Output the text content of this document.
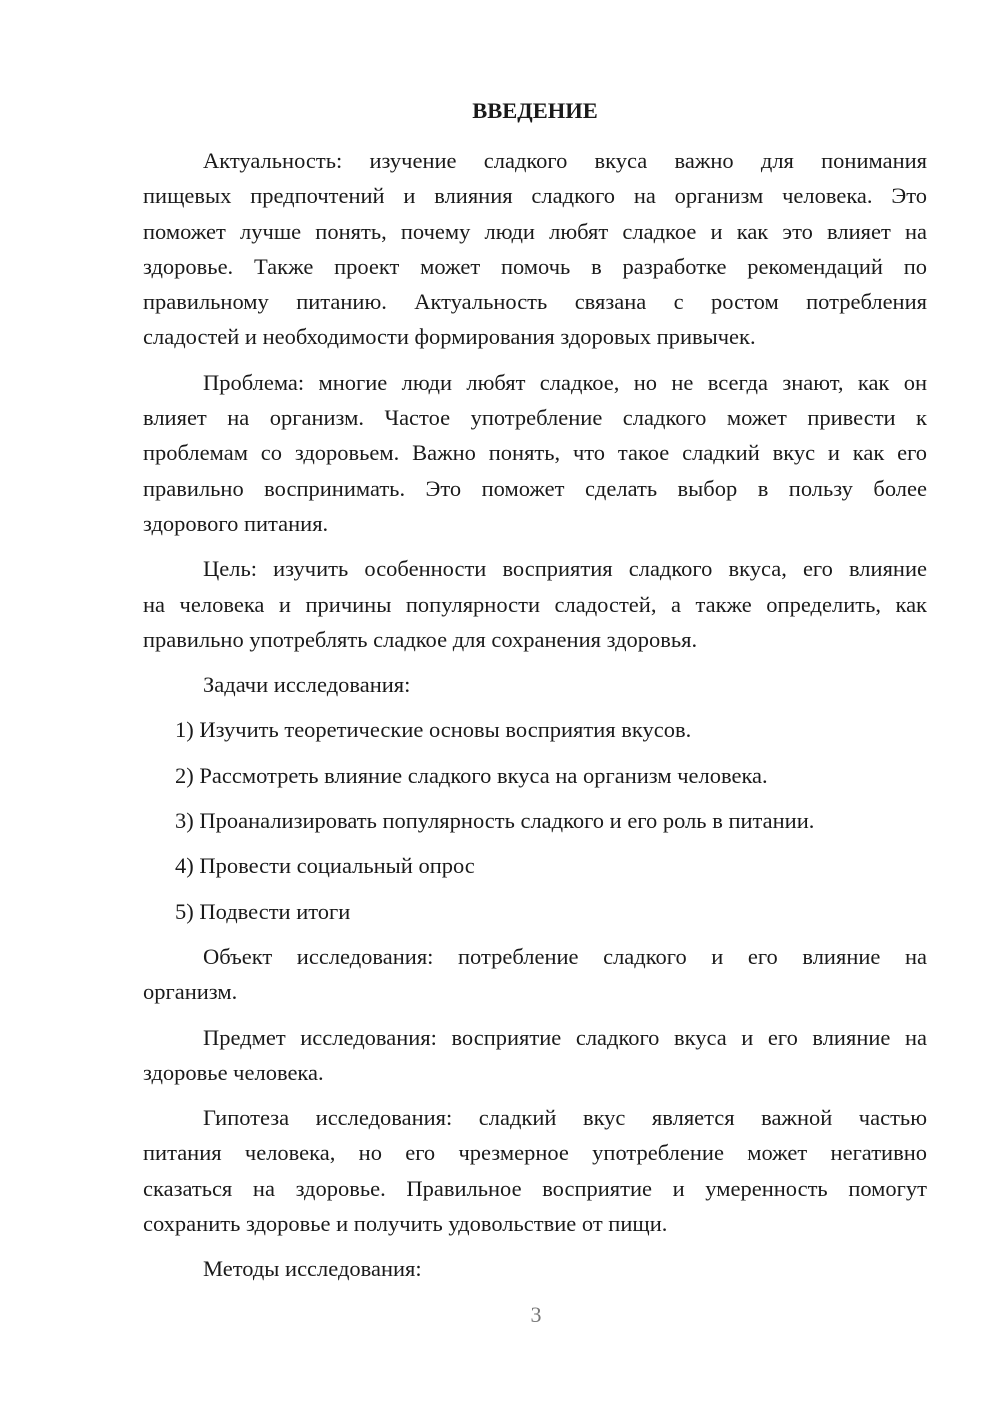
ВВЕДЕНИЕ
Актуальность: изучение сладкого вкуса важно для понимания
пищевых предпочтений и влияния сладкого на организм человека. Это
поможет лучше понять, почему люди любят сладкое и как это влияет на
здоровье. Также проект может помочь в разработке рекомендаций по
правильному питанию. Актуальность связана с ростом потребления
сладостей и необходимости формирования здоровых привычек.
Проблема: многие люди любят сладкое, но не всегда знают, как он
влияет на организм. Частое употребление сладкого может привести к
проблемам со здоровьем. Важно понять, что такое сладкий вкус и как его
правильно воспринимать. Это поможет сделать выбор в пользу более
здорового питания.
Цель: изучить особенности восприятия сладкого вкуса, его влияние
на человека и причины популярности сладостей, а также определить, как
правильно употреблять сладкое для сохранения здоровья.
Задачи исследования:
1) Изучить теоретические основы восприятия вкусов.
2) Рассмотреть влияние сладкого вкуса на организм человека.
3) Проанализировать популярность сладкого и его роль в питании.
4) Провести социальный опрос
5) Подвести итоги
Объект исследования: потребление сладкого и его влияние на
организм.
Предмет исследования: восприятие сладкого вкуса и его влияние на
здоровье человека.
Гипотеза исследования: сладкий вкус является важной частью
питания человека, но его чрезмерное употребление может негативно
сказаться на здоровье. Правильное восприятие и умеренность помогут
сохранить здоровье и получить удовольствие от пищи.
Методы исследования:
3
